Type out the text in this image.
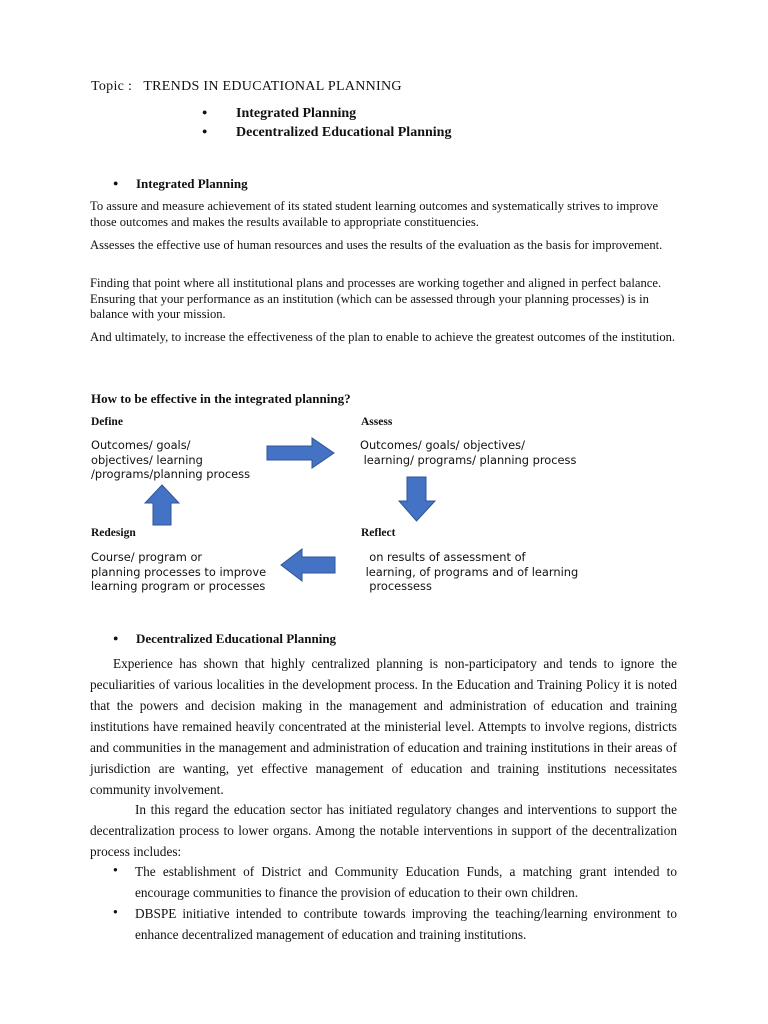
Topic :   TRENDS IN EDUCATIONAL PLANNING
●Integrated Planning
●Decentralized Educational Planning
●Integrated Planning
To assure and measure achievement of its stated student learning outcomes and systematically strives to improve those outcomes and makes the results available to appropriate constituencies.
Assesses the effective use of human resources and uses the results of the evaluation as the basis for improvement.
Finding that point where all institutional plans and processes are working together and aligned in perfect balance. Ensuring that your performance as an institution (which can be assessed through your planning processes) is in balance with your mission.
And ultimately, to increase the effectiveness of the plan to enable to achieve the greatest outcomes of the institution.
How to be effective in the integrated planning?
Define	Assess
Outcomes/ goals/
objectives/ learning
/programs/planning process
Outcomes/ goals/ objectives/
learning/ programs/ planning process
Redesign	Reflect
Course/ program or
planning processes to improve
learning program or processes
on results of assessment of
learning, of programs and of learning
processess
●Decentralized Educational Planning
Experience has shown that highly centralized planning is non-participatory and tends to ignore the peculiarities of various localities in the development process. In the Education and Training Policy it is noted that the powers and decision making in the management and administration of education and training institutions have remained heavily concentrated at the ministerial level. Attempts to involve regions, districts and communities in the management and administration of education and training institutions in their areas of jurisdiction are wanting, yet effective management of education and training institutions necessitates community involvement.
In this regard the education sector has initiated regulatory changes and interventions to support the decentralization process to lower organs. Among the notable interventions in support of the decentralization process includes:
● The establishment of District and Community Education Funds, a matching grant intended to encourage communities to finance the provision of education to their own children.
● DBSPE initiative intended to contribute towards improving the teaching/learning environment to enhance decentralized management of education and training institutions.
